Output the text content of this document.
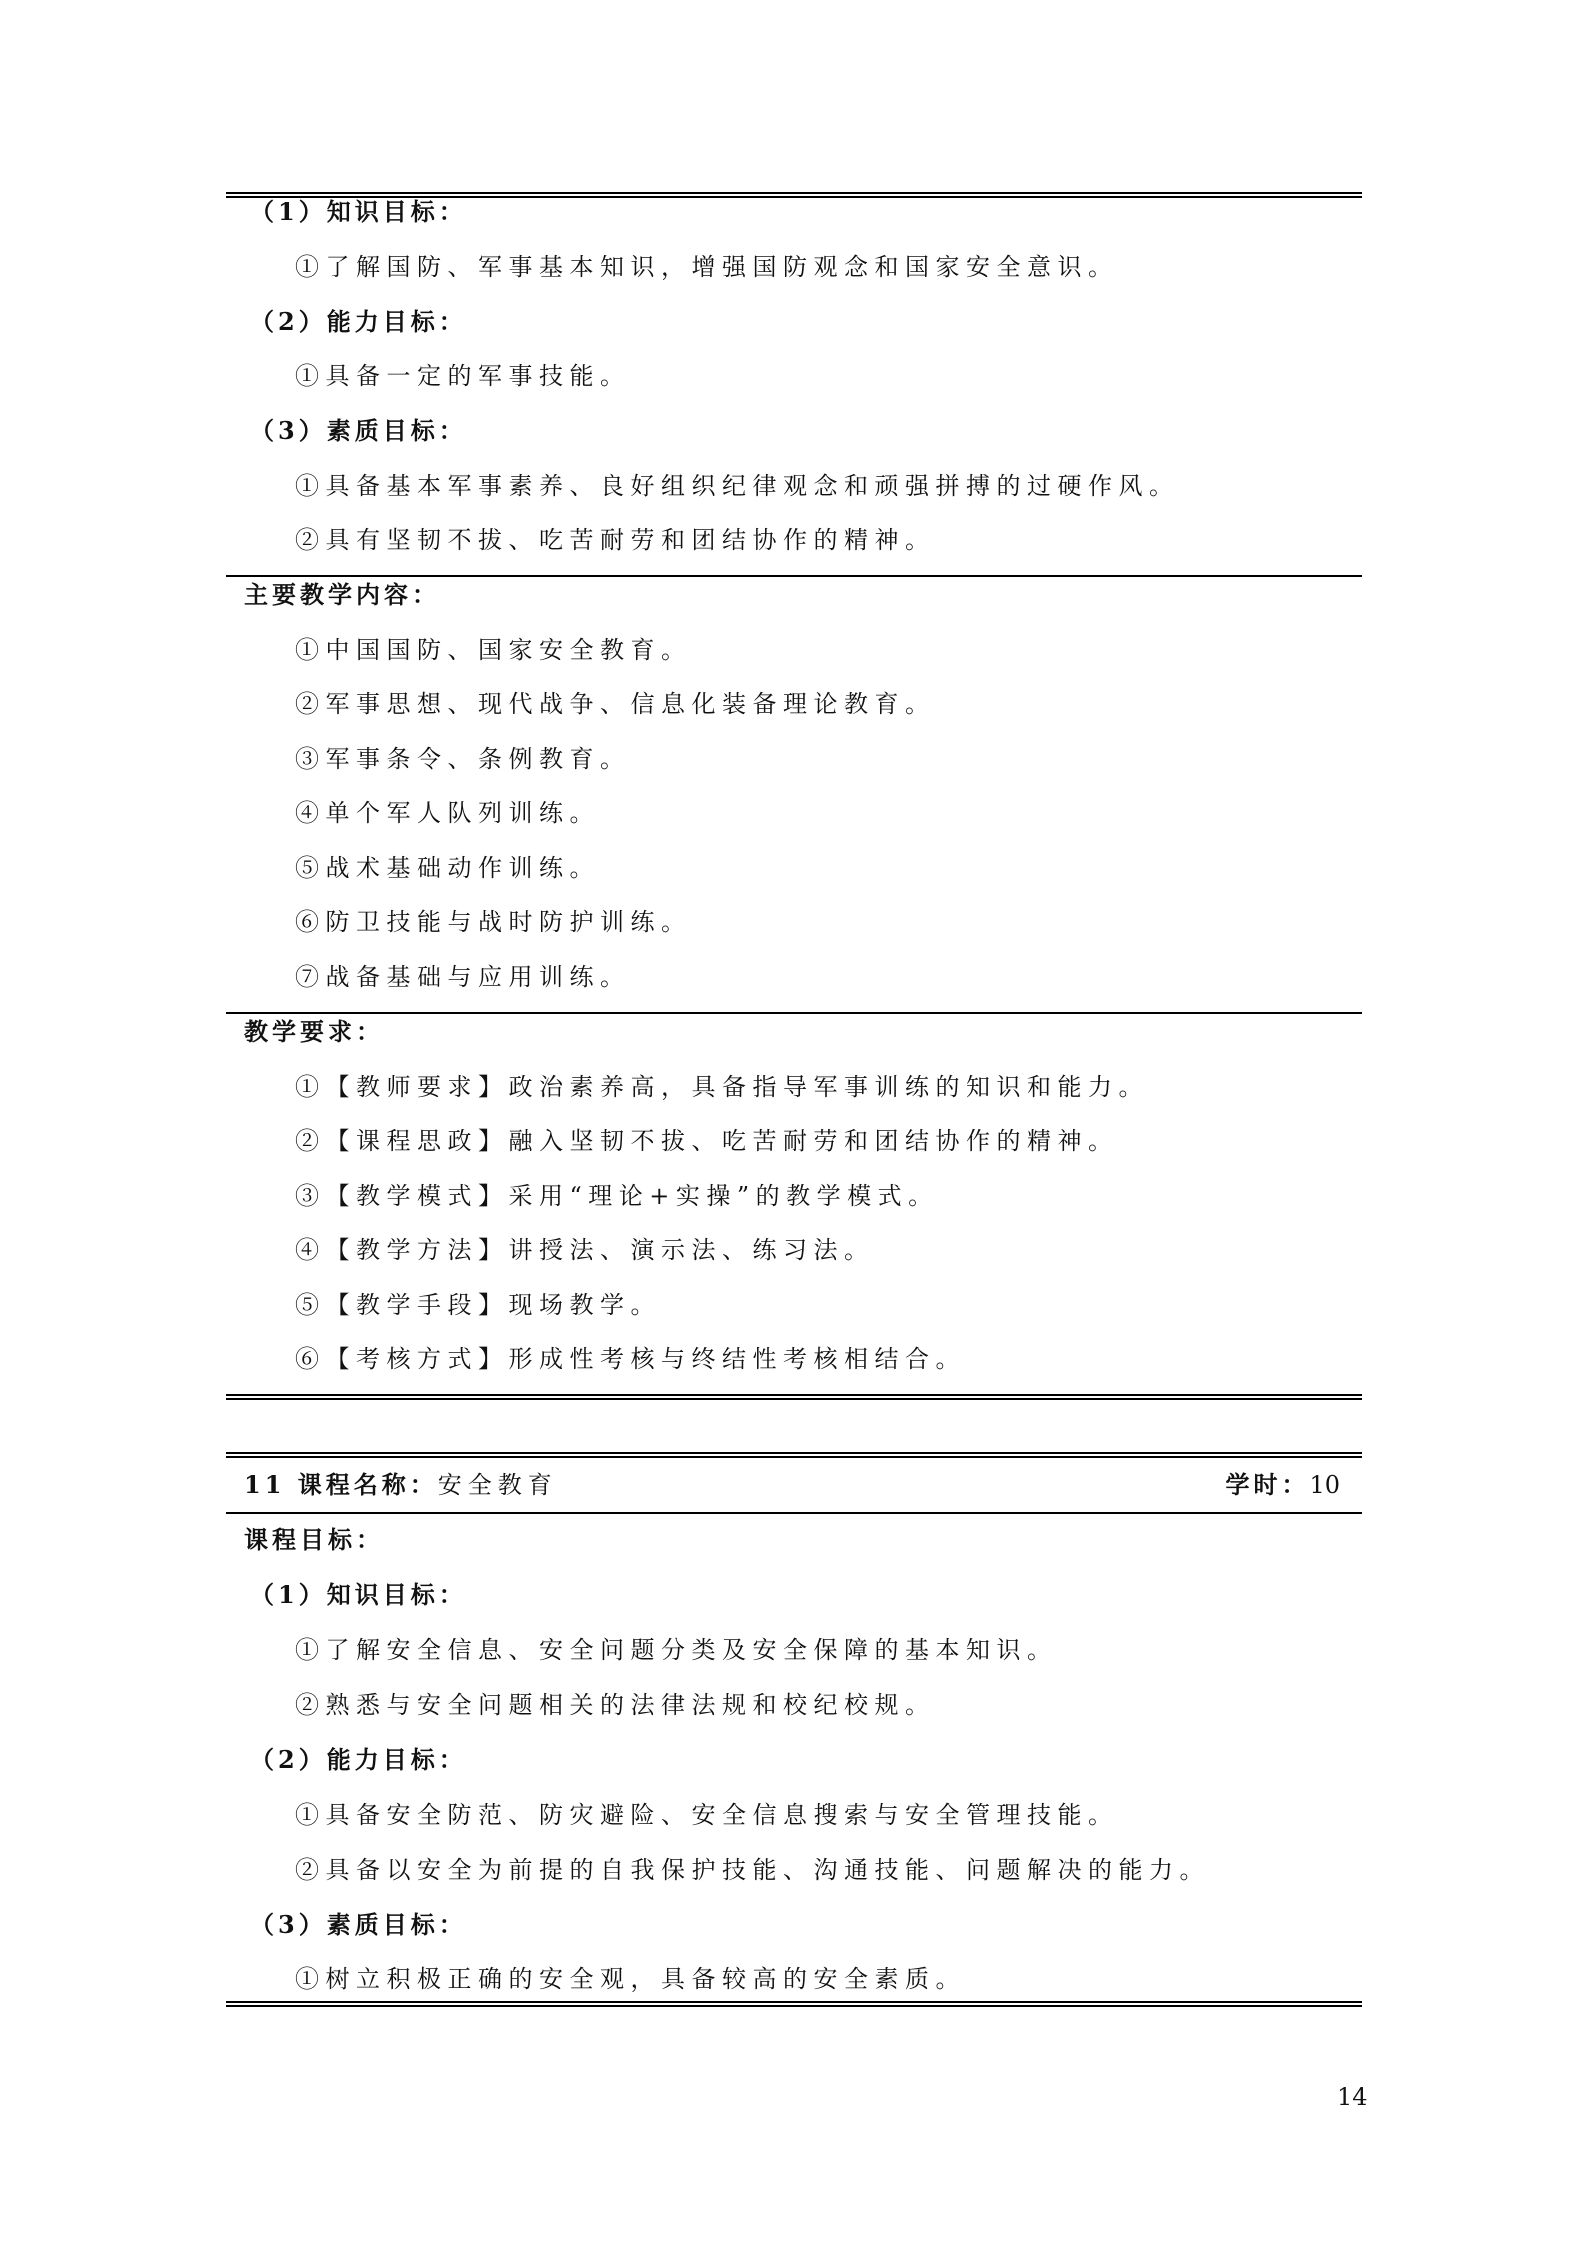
（1）知识目标：
①了解国防、军事基本知识，增强国防观念和国家安全意识。
（2）能力目标：
①具备一定的军事技能。
（3）素质目标：
①具备基本军事素养、良好组织纪律观念和顽强拼搏的过硬作风。
②具有坚韧不拔、吃苦耐劳和团结协作的精神。
主要教学内容：
①中国国防、国家安全教育。
②军事思想、现代战争、信息化装备理论教育。
③军事条令、条例教育。
④单个军人队列训练。
⑤战术基础动作训练。
⑥防卫技能与战时防护训练。
⑦战备基础与应用训练。
教学要求：
①【教师要求】政治素养高，具备指导军事训练的知识和能力。
②【课程思政】融入坚韧不拔、吃苦耐劳和团结协作的精神。
③【教学模式】采用“理论+实操”的教学模式。
④【教学方法】讲授法、演示法、练习法。
⑤【教学手段】现场教学。
⑥【考核方式】形成性考核与终结性考核相结合。
11 课程名称：安全教育	学时：10
课程目标：
（1）知识目标：
①了解安全信息、安全问题分类及安全保障的基本知识。
②熟悉与安全问题相关的法律法规和校纪校规。
（2）能力目标：
①具备安全防范、防灾避险、安全信息搜索与安全管理技能。
②具备以安全为前提的自我保护技能、沟通技能、问题解决的能力。
（3）素质目标：
①树立积极正确的安全观，具备较高的安全素质。
14
